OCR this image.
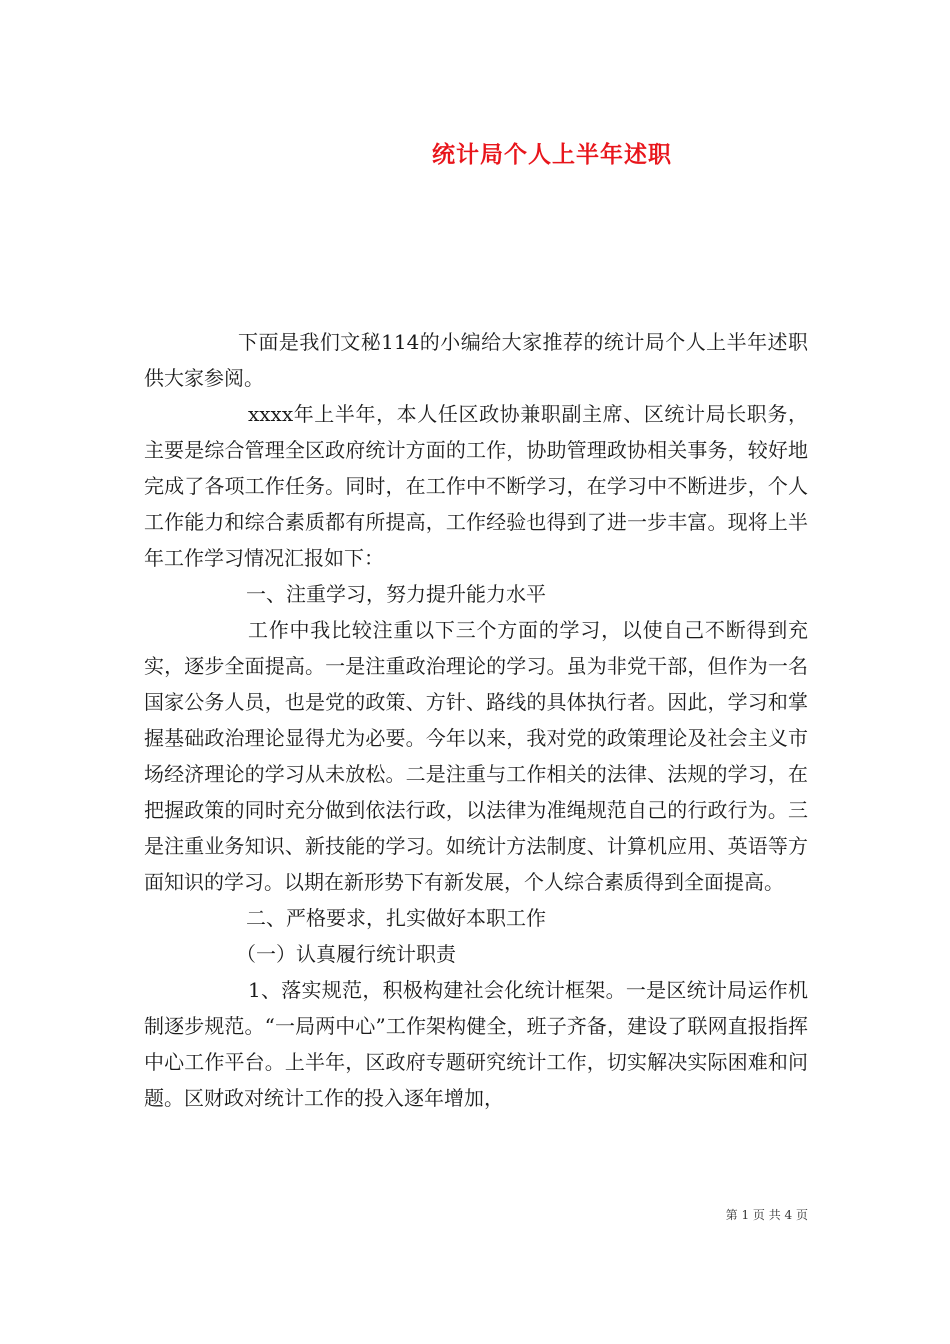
统计局个人上半年述职

下面是我们文秘114的小编给大家推荐的统计局个人上半年述职供大家参阅。

xxxx年上半年，本人任区政协兼职副主席、区统计局长职务，主要是综合管理全区政府统计方面的工作，协助管理政协相关事务，较好地完成了各项工作任务。同时，在工作中不断学习，在学习中不断进步，个人工作能力和综合素质都有所提高，工作经验也得到了进一步丰富。现将上半年工作学习情况汇报如下：

一、注重学习，努力提升能力水平

工作中我比较注重以下三个方面的学习，以使自己不断得到充实，逐步全面提高。一是注重政治理论的学习。虽为非党干部，但作为一名国家公务人员，也是党的政策、方针、路线的具体执行者。因此，学习和掌握基础政治理论显得尤为必要。今年以来，我对党的政策理论及社会主义市场经济理论的学习从未放松。二是注重与工作相关的法律、法规的学习，在把握政策的同时充分做到依法行政，以法律为准绳规范自己的行政行为。三是注重业务知识、新技能的学习。如统计方法制度、计算机应用、英语等方面知识的学习。以期在新形势下有新发展，个人综合素质得到全面提高。

二、严格要求，扎实做好本职工作

（一）认真履行统计职责

1、落实规范，积极构建社会化统计框架。一是区统计局运作机制逐步规范。“一局两中心”工作架构健全，班子齐备，建设了联网直报指挥中心工作平台。上半年，区政府专题研究统计工作，切实解决实际困难和问题。区财政对统计工作的投入逐年增加，

第 1 页 共 4 页
